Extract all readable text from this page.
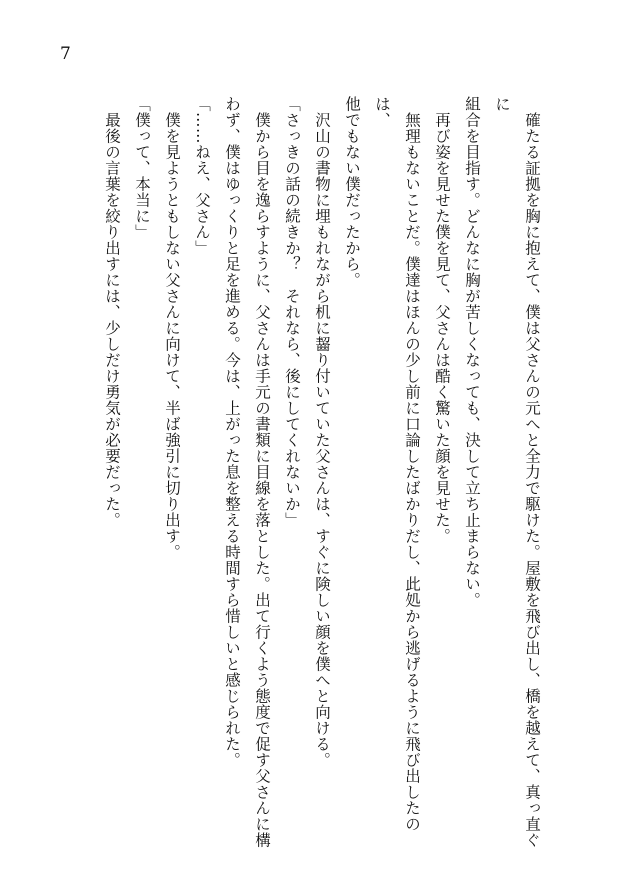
7

確たる証拠を胸に抱えて、僕は父さんの元へと全力で駆けた。屋敷を飛び出し、橋を越えて、真っ直ぐに

組合を目指す。どんなに胸が苦しくなっても、決して立ち止まらない。

再び姿を見せた僕を見て、父さんは酷く驚いた顔を見せた。

無理もないことだ。僕達はほんの少し前に口論したばかりだし、此処から逃げるように飛び出したのは、

他でもない僕だったから。

沢山の書物に埋もれながら机に齧り付いていた父さんは、すぐに険しい顔を僕へと向ける。

「さっきの話の続きか？　それなら、後にしてくれないか」

僕から目を逸らすように、父さんは手元の書類に目線を落とした。出て行くよう態度で促す父さんに構

わず、僕はゆっくりと足を進める。今は、上がった息を整える時間すら惜しいと感じられた。

「……ねえ、父さん」

僕を見ようともしない父さんに向けて、半ば強引に切り出す。

「僕って、本当に」

最後の言葉を絞り出すには、少しだけ勇気が必要だった。
